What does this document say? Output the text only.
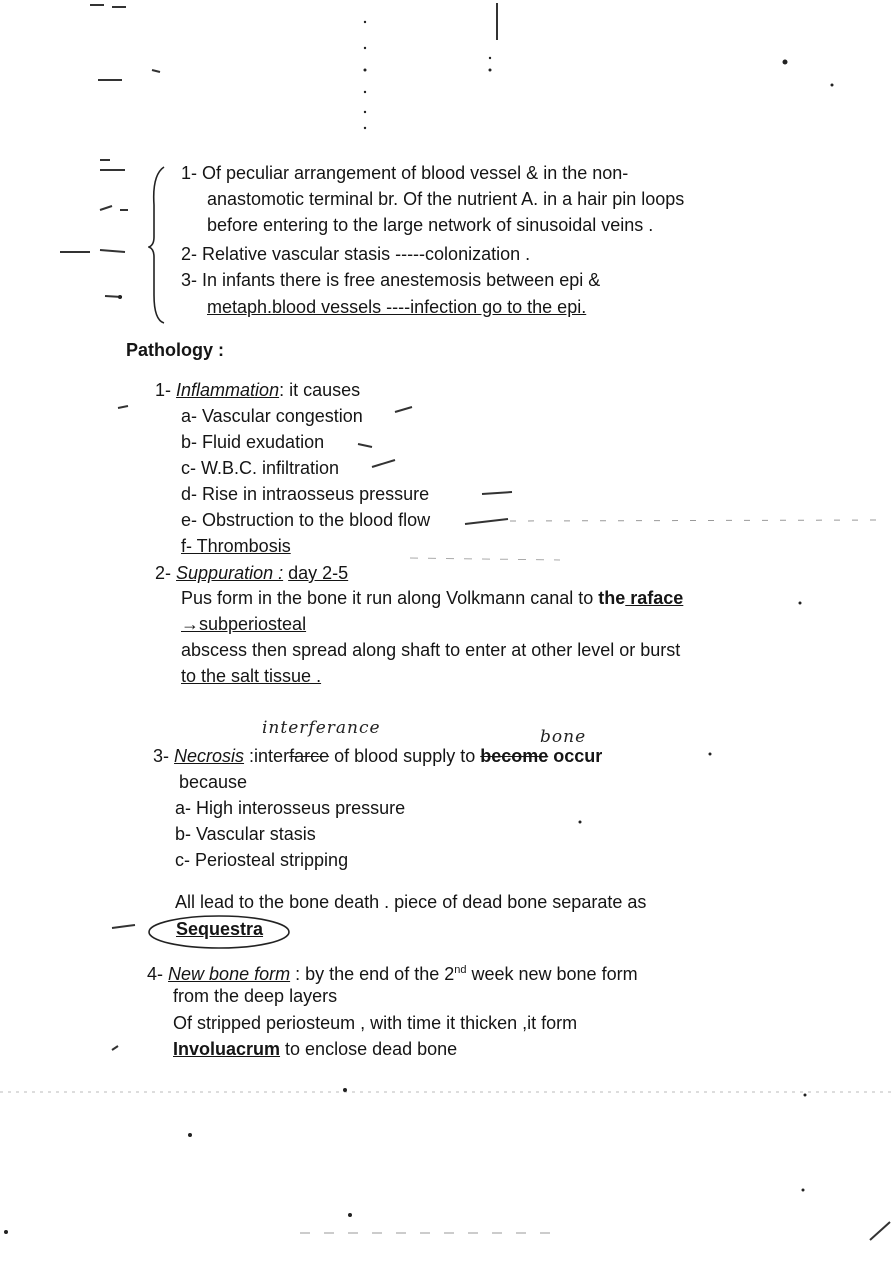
1- Of peculiar arrangement of blood vessel & in the non-
anastomotic terminal br. Of the nutrient A. in a hair pin loops
before entering to the large network of sinusoidal veins .
2- Relative vascular stasis -----colonization .
3- In infants there is free anestemosis between epi &
metaph.blood vessels ----infection go to the epi.
Pathology :
1- Inflammation: it causes
a- Vascular congestion
b- Fluid exudation
c- W.B.C. infiltration
d- Rise in intraosseus pressure
e- Obstruction to the blood flow
f- Thrombosis
2- Suppuration : day 2-5
Pus form in the bone it run along Volkmann canal to the raface
→subperiosteal
abscess then spread along shaft to enter at other level or burst
to the salt tissue .
interferance	bone
3- Necrosis :interfarce of blood supply to become occur
because
a- High interosseus pressure
b- Vascular stasis
c- Periosteal stripping
All lead to the bone death . piece of dead bone separate as
Sequestra
4- New bone form : by the end of the 2nd week new bone form
from the deep layers
Of stripped periosteum , with time it thicken ,it form
Involuacrum to enclose dead bone
